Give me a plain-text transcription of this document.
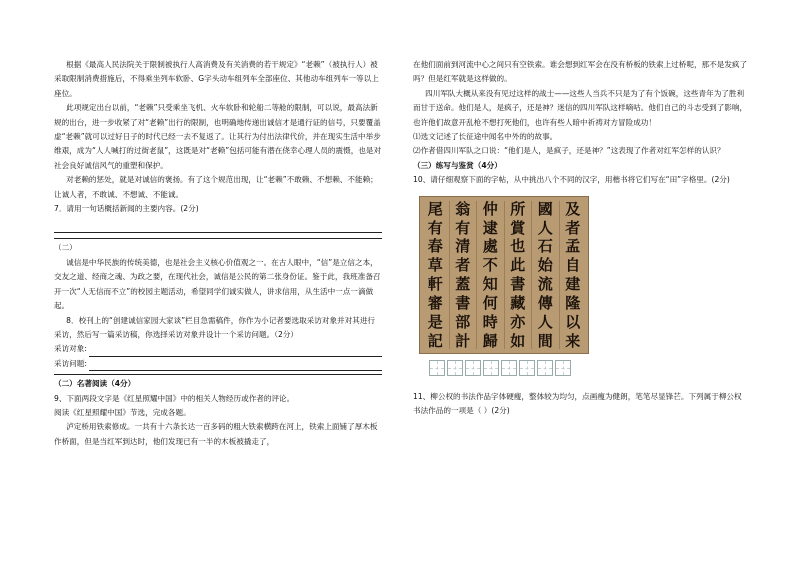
根据《最高人民法院关于限制被执行人高消费及有关消费的若干规定》“老赖”（被执行人）被采取限制消费措施后，不得乘坐列车软卧、G字头动车组列车全部座位、其他动车组列车一等以上座位。

此项规定出台以前，“老赖”只受乘坐飞机、火车软卧和轮船二等舱的限制，可以说，最高法新规的出台，进一步收紧了对“老赖”出行的限制，也明确地传递出诚信才是通行证的信号，只要覆盖虚“老赖”就可以过好日子的时代已经一去不复返了。让其行为付出法律代价，并在现实生活中举步维艰，成为“人人喊打的过街老鼠”，这既是对“老赖”包括可能有潜在侥幸心理人员的震慑，也是对社会良好诚信风气的重塑和保护。

对老赖的惩处，就是对诚信的褒扬。有了这个规范出现，让“老赖”不敢赖、不想赖、不能赖；让诚人者，不敢诚、不想诚、不能诚。

7．请用一句话概括新闻的主要内容。(2分)

（二）

诚信是中华民族的传统美德，也是社会主义核心价值观之一。在古人眼中，“信”是立信之本，交友之道、经商之魂、为政之要，在现代社会，诚信是公民的第二张身份证。鉴于此，我班准备召开一次“人无信而不立”的校园主题活动，希望同学们诚实做人，讲求信用，从生活中一点一滴做起。

8．校刊上的“创建诚信家园大家谈”栏目急需稿件，你作为小记者要选取采访对象并对其进行采访，然后写一篇采访稿，你选择采访对象并设计一个采访问题。（2分）

采访对象:
采访问题:

（二）名著阅读（4分）

9、下面两段文字是《红星照耀中国》中的相关人物经历或作者的评论。

阅读《红星照耀中国》节选，完成各题。

泸定桥用铁索修成。一共有十六条长达一百多码的粗大铁索横跨在河上，铁索上面铺了厚木板作桥面，但是当红军到达时，他们发现已有一半的木板被撬走了，

在他们面前到河流中心之间只有空铁索。谁会想到红军会在没有桥板的铁索上过桥呢，那不是发疯了吗？但是红军就是这样做的。

四川军队大概从来没有见过这样的战士——这些人当兵不只是为了有个饭碗，这些青年为了胜利而甘于送命。他们是人，是疯子，还是神？迷信的四川军队这样嘀咕。他们自己的斗志受到了影响，也许他们故意开乱枪不想打死他们，也许有些人暗中祈祷对方冒险成功！

⑴选文记述了长征途中闻名中外的的故事。

⑵作者借四川军队之口说：“他们是人，是疯子，还是神？”这表现了作者对红军怎样的认识？

（三）练写与鉴赏（4分）

10、请仔细观察下面的字帖，从中挑出八个不同的汉字，用楷书将它们写在“田”字格里。(2分)

及
者
孟
自
建
隆
以
来
國
人
石
始
流
傳
人
間
所
賞
也
此
書
藏
亦
如
仲
逮
處
不
知
何
時
歸
翁
有
清
者
蓋
書
部
計
尾
有
春
草
軒
審
是
記

11、柳公权的书法作品字体硬瘦，整体较为均匀，点画瘦为健朗，笔笔尽显锋芒。下列属于柳公权书法作品的一项是（ ）(2分)
